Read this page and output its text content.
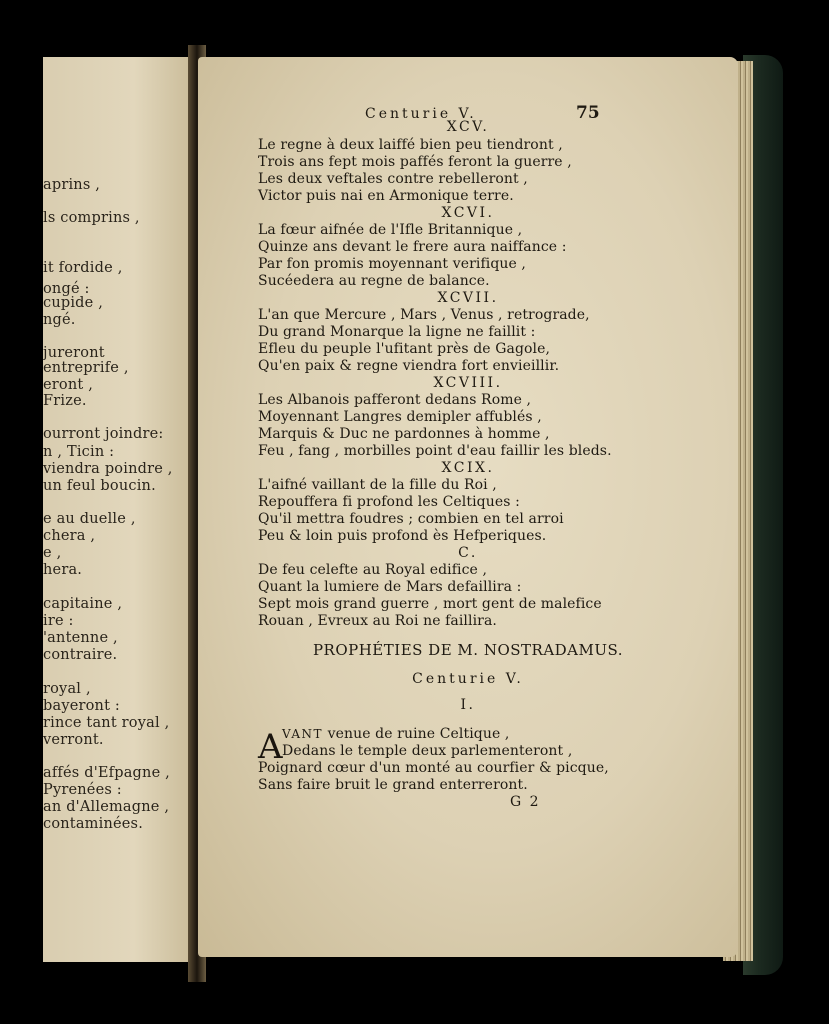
aprins ,
ls comprins ,
it fordide ,
ongé :
cupide ,
ngé.
jureront
entreprife ,
eront ,
Frize.
ourront joindre:
n , Ticin :
viendra poindre ,
un feul boucin.
e au duelle ,
chera ,
e ,
hera.
capitaine ,
ire :
'antenne ,
contraire.
royal ,
bayeront :
rince tant royal ,
verront.
affés d'Efpagne ,
Pyrenées :
an d'Allemagne ,
contaminées.
Centurie V.	75
XCV.
Le regne à deux laiffé bien peu tiendront ,
Trois ans fept mois paffés feront la guerre ,
Les deux veftales contre rebelleront ,
Victor puis nai en Armonique terre.
XCVI.
La fœur aifnée de l'Ifle Britannique ,
Quinze ans devant le frere aura naiffance :
Par fon promis moyennant verifique ,
Sucéedera au regne de balance.
XCVII.
L'an que Mercure , Mars , Venus , retrograde,
Du grand Monarque la ligne ne faillit :
Efleu du peuple l'ufitant près de Gagole,
Qu'en paix & regne viendra fort envieillir.
XCVIII.
Les Albanois pafferont dedans Rome ,
Moyennant Langres demipler affublés ,
Marquis & Duc ne pardonnes à homme ,
Feu , fang , morbilles point d'eau faillir les bleds.
XCIX.
L'aifné vaillant de la fille du Roi ,
Repouffera fi profond les Celtiques :
Qu'il mettra foudres ; combien en tel arroi
Peu & loin puis profond ès Hefperiques.
C.
De feu celefte au Royal edifice ,
Quant la lumiere de Mars defaillira :
Sept mois grand guerre , mort gent de malefice
Rouan , Evreux au Roi ne faillira.
PROPHÉTIES DE M. NOSTRADAMUS.
Centurie V.
I.
A VANT venue de ruine Celtique ,
Dedans le temple deux parlementeront ,
Poignard cœur d'un monté au courfier & picque,
Sans faire bruit le grand enterreront.
G 2
